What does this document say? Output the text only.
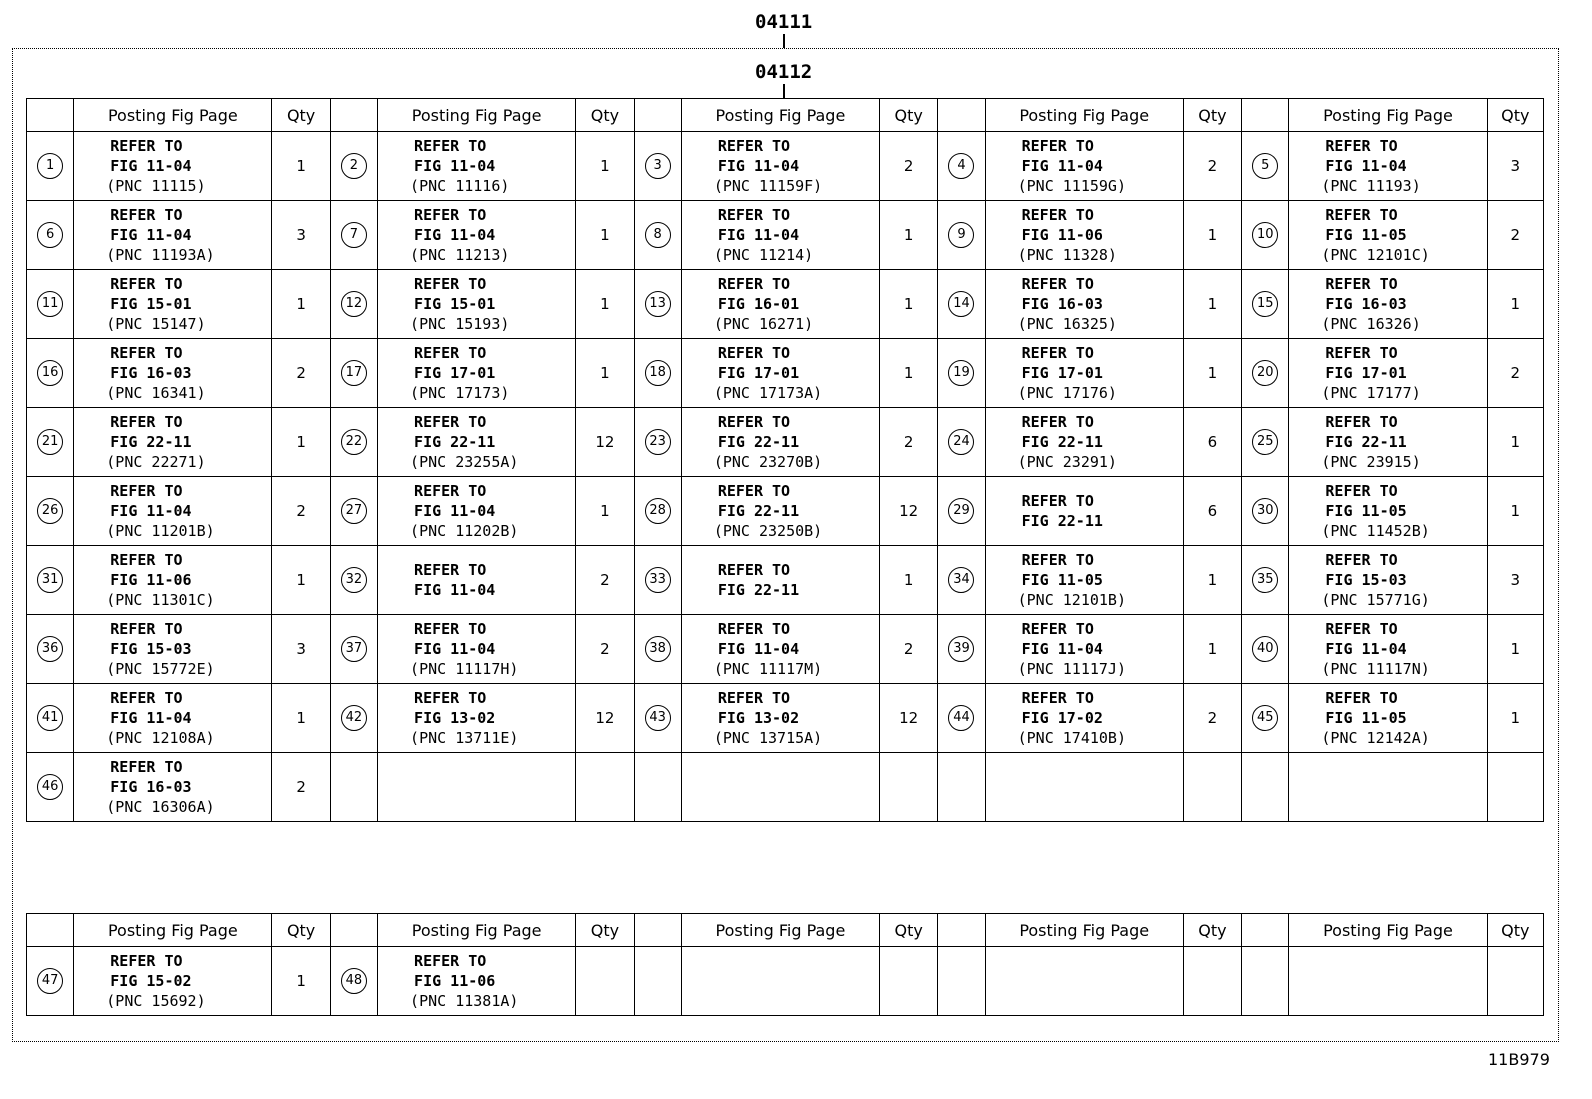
04111
04112
	Posting Fig Page	Qty		Posting Fig Page	Qty		Posting Fig Page	Qty		Posting Fig Page	Qty		Posting Fig Page	Qty
1	REFER TO
FIG 11-04
(PNC 11115)	1	2	REFER TO
FIG 11-04
(PNC 11116)	1	3	REFER TO
FIG 11-04
(PNC 11159F)	2	4	REFER TO
FIG 11-04
(PNC 11159G)	2	5	REFER TO
FIG 11-04
(PNC 11193)	3
6	REFER TO
FIG 11-04
(PNC 11193A)	3	7	REFER TO
FIG 11-04
(PNC 11213)	1	8	REFER TO
FIG 11-04
(PNC 11214)	1	9	REFER TO
FIG 11-06
(PNC 11328)	1	10	REFER TO
FIG 11-05
(PNC 12101C)	2
11	REFER TO
FIG 15-01
(PNC 15147)	1	12	REFER TO
FIG 15-01
(PNC 15193)	1	13	REFER TO
FIG 16-01
(PNC 16271)	1	14	REFER TO
FIG 16-03
(PNC 16325)	1	15	REFER TO
FIG 16-03
(PNC 16326)	1
16	REFER TO
FIG 16-03
(PNC 16341)	2	17	REFER TO
FIG 17-01
(PNC 17173)	1	18	REFER TO
FIG 17-01
(PNC 17173A)	1	19	REFER TO
FIG 17-01
(PNC 17176)	1	20	REFER TO
FIG 17-01
(PNC 17177)	2
21	REFER TO
FIG 22-11
(PNC 22271)	1	22	REFER TO
FIG 22-11
(PNC 23255A)	12	23	REFER TO
FIG 22-11
(PNC 23270B)	2	24	REFER TO
FIG 22-11
(PNC 23291)	6	25	REFER TO
FIG 22-11
(PNC 23915)	1
26	REFER TO
FIG 11-04
(PNC 11201B)	2	27	REFER TO
FIG 11-04
(PNC 11202B)	1	28	REFER TO
FIG 22-11
(PNC 23250B)	12	29	REFER TO
FIG 22-11	6	30	REFER TO
FIG 11-05
(PNC 11452B)	1
31	REFER TO
FIG 11-06
(PNC 11301C)	1	32	REFER TO
FIG 11-04	2	33	REFER TO
FIG 22-11	1	34	REFER TO
FIG 11-05
(PNC 12101B)	1	35	REFER TO
FIG 15-03
(PNC 15771G)	3
36	REFER TO
FIG 15-03
(PNC 15772E)	3	37	REFER TO
FIG 11-04
(PNC 11117H)	2	38	REFER TO
FIG 11-04
(PNC 11117M)	2	39	REFER TO
FIG 11-04
(PNC 11117J)	1	40	REFER TO
FIG 11-04
(PNC 11117N)	1
41	REFER TO
FIG 11-04
(PNC 12108A)	1	42	REFER TO
FIG 13-02
(PNC 13711E)	12	43	REFER TO
FIG 13-02
(PNC 13715A)	12	44	REFER TO
FIG 17-02
(PNC 17410B)	2	45	REFER TO
FIG 11-05
(PNC 12142A)	1
46	REFER TO
FIG 16-03
(PNC 16306A)	2												
	Posting Fig Page	Qty		Posting Fig Page	Qty		Posting Fig Page	Qty		Posting Fig Page	Qty		Posting Fig Page	Qty
47	REFER TO
FIG 15-02
(PNC 15692)	1	48	REFER TO
FIG 11-06
(PNC 11381A)										

11B979
